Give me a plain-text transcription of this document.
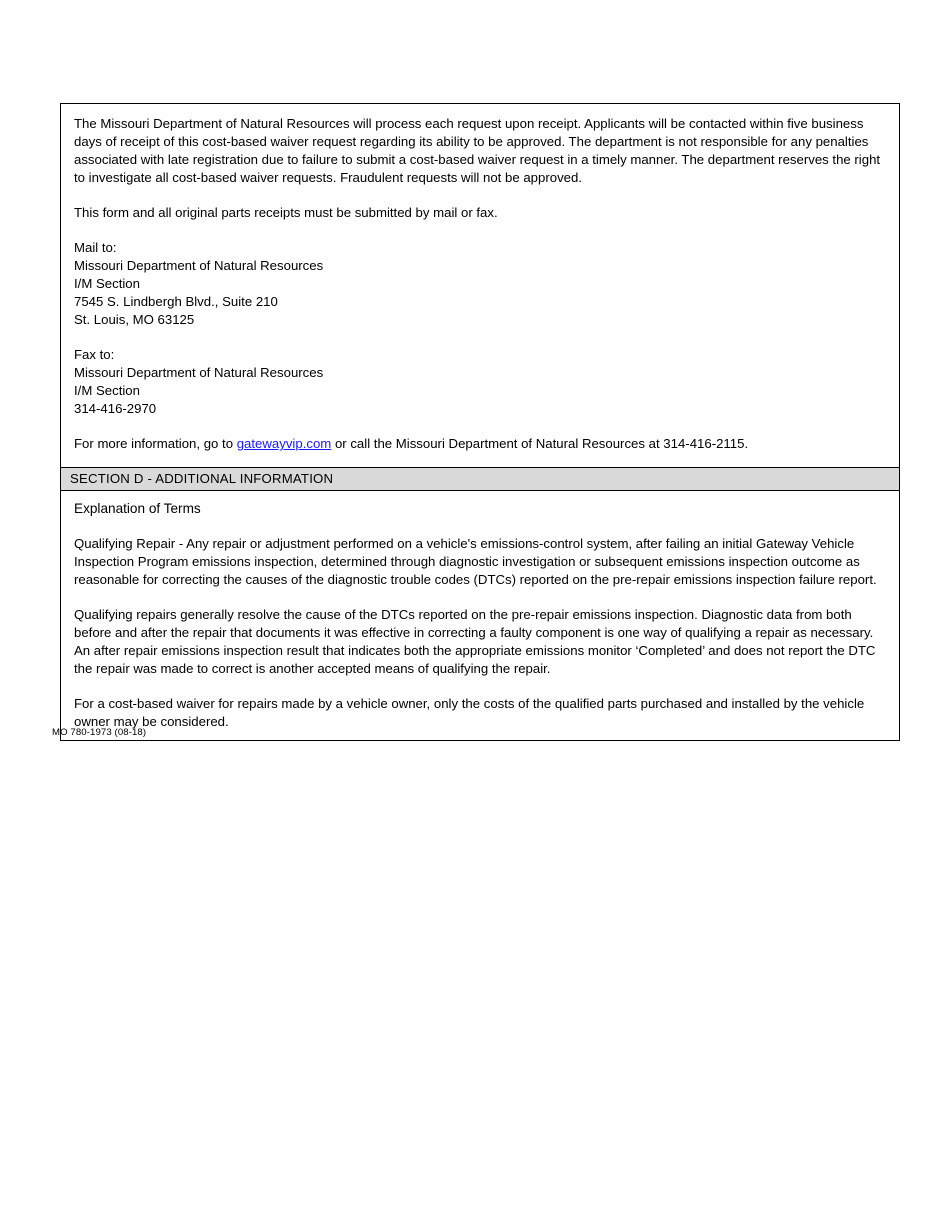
The Missouri Department of Natural Resources will process each request upon receipt. Applicants will be contacted within five business days of receipt of this cost-based waiver request regarding its ability to be approved. The department is not responsible for any penalties associated with late registration due to failure to submit a cost-based waiver request in a timely manner. The department reserves the right to investigate all cost-based waiver requests. Fraudulent requests will not be approved.

This form and all original parts receipts must be submitted by mail or fax.

Mail to:

Missouri Department of Natural Resources

I/M Section

7545 S. Lindbergh Blvd., Suite 210

St. Louis, MO 63125

Fax to:

Missouri Department of Natural Resources

I/M Section

314-416-2970

For more information, go to gatewayvip.com or call the Missouri Department of Natural Resources at 314-416-2115.

SECTION D - ADDITIONAL INFORMATION

Explanation of Terms

Qualifying Repair - Any repair or adjustment performed on a vehicle's emissions-control system, after failing an initial Gateway Vehicle Inspection Program emissions inspection, determined through diagnostic investigation or subsequent emissions inspection outcome as reasonable for correcting the causes of the diagnostic trouble codes (DTCs) reported on the pre-repair emissions inspection failure report.

Qualifying repairs generally resolve the cause of the DTCs reported on the pre-repair emissions inspection. Diagnostic data from both before and after the repair that documents it was effective in correcting a faulty component is one way of qualifying a repair as necessary. An after repair emissions inspection result that indicates both the appropriate emissions monitor ‘Completed’ and does not report the DTC the repair was made to correct is another accepted means of qualifying the repair.

For a cost-based waiver for repairs made by a vehicle owner, only the costs of the qualified parts purchased and installed by the vehicle owner may be considered.

MO 780-1973 (08-18)
